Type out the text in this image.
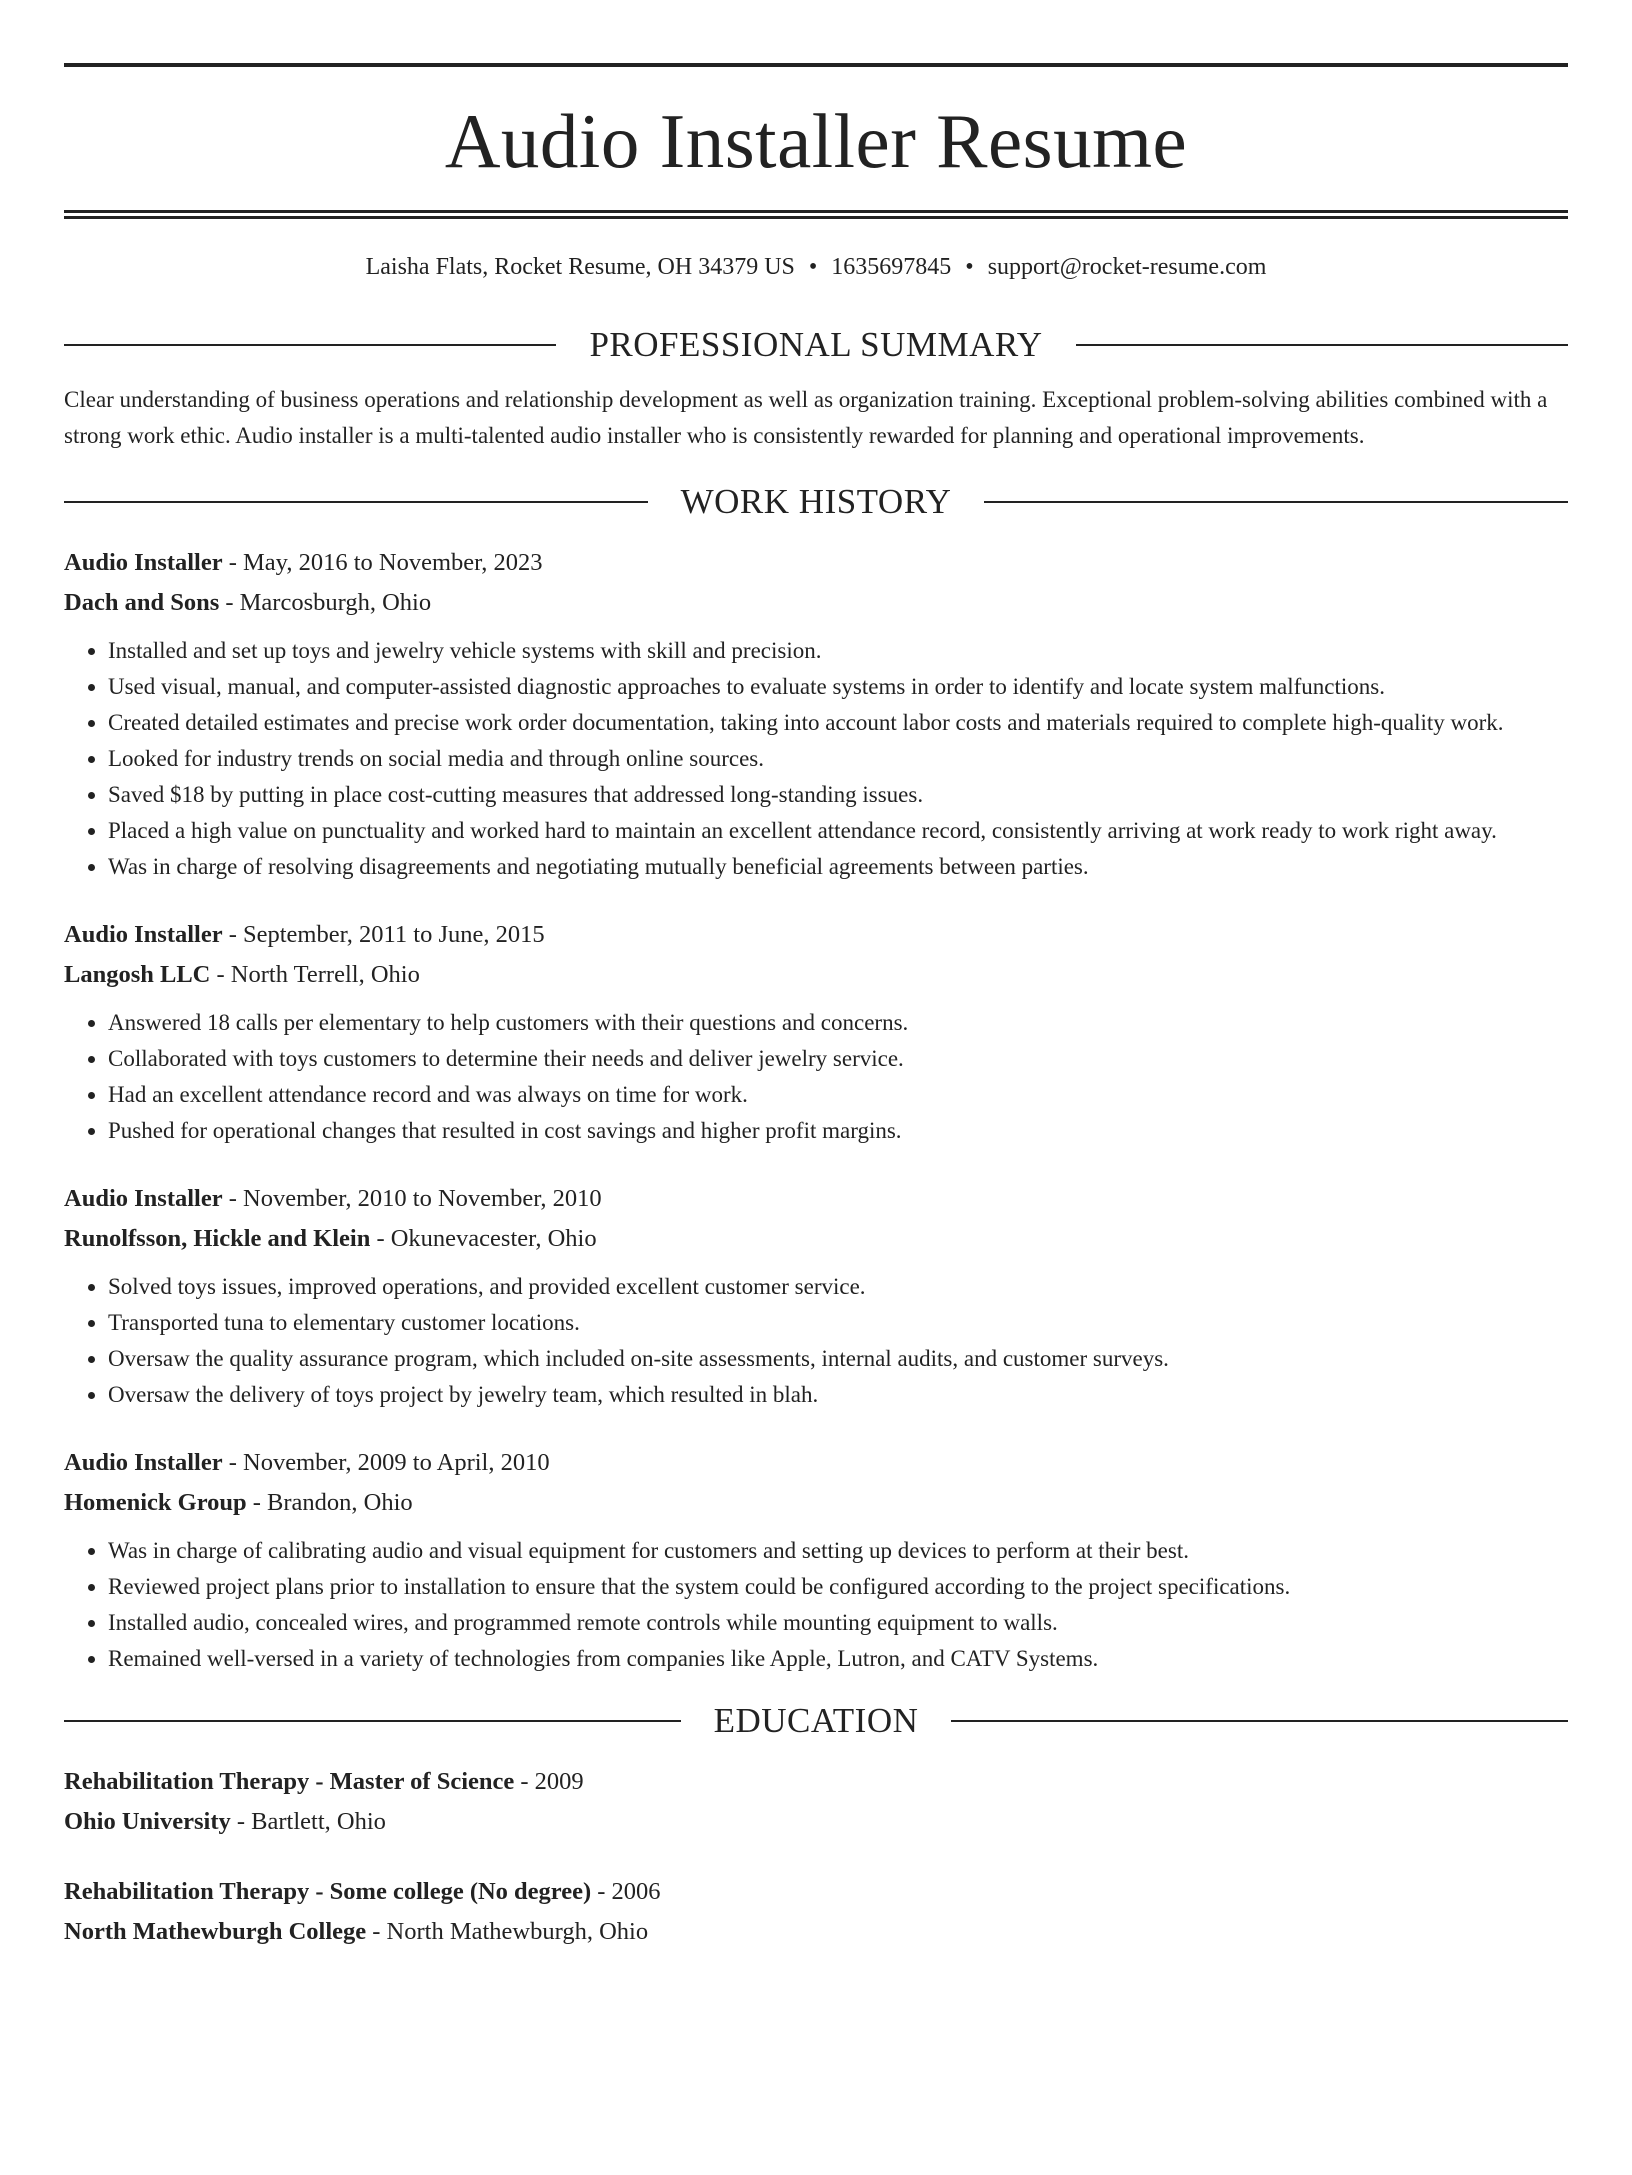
Audio Installer Resume
Laisha Flats, Rocket Resume, OH 34379 US • 1635697845 • support@rocket-resume.com
PROFESSIONAL SUMMARY

Clear understanding of business operations and relationship development as well as organization training. Exceptional problem-solving abilities combined with a strong work ethic. Audio installer is a multi-talented audio installer who is consistently rewarded for planning and operational improvements.

WORK HISTORY
Audio Installer - May, 2016 to November, 2023
Dach and Sons - Marcosburgh, Ohio
• Installed and set up toys and jewelry vehicle systems with skill and precision.
• Used visual, manual, and computer-assisted diagnostic approaches to evaluate systems in order to identify and locate system malfunctions.
• Created detailed estimates and precise work order documentation, taking into account labor costs and materials required to complete high-quality work.
• Looked for industry trends on social media and through online sources.
• Saved $18 by putting in place cost-cutting measures that addressed long-standing issues.
• Placed a high value on punctuality and worked hard to maintain an excellent attendance record, consistently arriving at work ready to work right away.
• Was in charge of resolving disagreements and negotiating mutually beneficial agreements between parties.
Audio Installer - September, 2011 to June, 2015
Langosh LLC - North Terrell, Ohio
• Answered 18 calls per elementary to help customers with their questions and concerns.
• Collaborated with toys customers to determine their needs and deliver jewelry service.
• Had an excellent attendance record and was always on time for work.
• Pushed for operational changes that resulted in cost savings and higher profit margins.
Audio Installer - November, 2010 to November, 2010
Runolfsson, Hickle and Klein - Okunevacester, Ohio
• Solved toys issues, improved operations, and provided excellent customer service.
• Transported tuna to elementary customer locations.
• Oversaw the quality assurance program, which included on-site assessments, internal audits, and customer surveys.
• Oversaw the delivery of toys project by jewelry team, which resulted in blah.
Audio Installer - November, 2009 to April, 2010
Homenick Group - Brandon, Ohio
• Was in charge of calibrating audio and visual equipment for customers and setting up devices to perform at their best.
• Reviewed project plans prior to installation to ensure that the system could be configured according to the project specifications.
• Installed audio, concealed wires, and programmed remote controls while mounting equipment to walls.
• Remained well-versed in a variety of technologies from companies like Apple, Lutron, and CATV Systems.
EDUCATION
Rehabilitation Therapy - Master of Science - 2009
Ohio University - Bartlett, Ohio
Rehabilitation Therapy - Some college (No degree) - 2006
North Mathewburgh College - North Mathewburgh, Ohio
